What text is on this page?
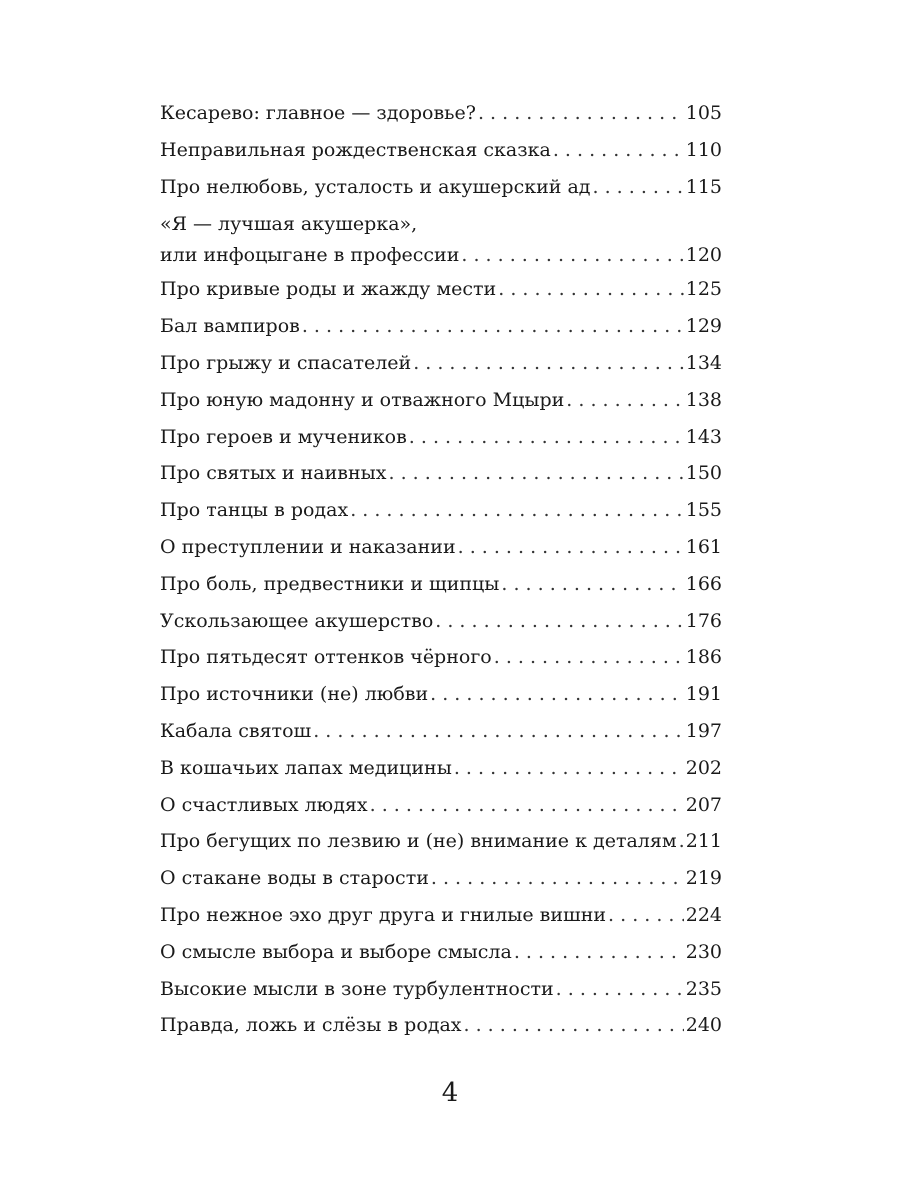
Кесарево: главное — здоровье? . . .	105
Неправильная рождественская сказка . . .	110
Про нелюбовь, усталость и акушерский ад . . .	115
«Я — лучшая акушерка»,
или инфоцыгане в профессии . . .	120
Про кривые роды и жажду мести . . .	125
Бал вампиров . . .	129
Про грыжу и спасателей . . .	134
Про юную мадонну и отважного Мцыри . . .	138
Про героев и мучеников . . .	143
Про святых и наивных . . .	150
Про танцы в родах . . .	155
О преступлении и наказании . . .	161
Про боль, предвестники и щипцы . . .	166
Ускользающее акушерство . . .	176
Про пятьдесят оттенков чёрного . . .	186
Про источники (не) любви . . .	191
Кабала святош . . .	197
В кошачьих лапах медицины . . .	202
О счастливых людях . . .	207
Про бегущих по лезвию и (не) внимание к деталям . . . 211
О стакане воды в старости . . .	219
Про нежное эхо друг друга и гнилые вишни . . .	224
О смысле выбора и выборе смысла . . .	230
Высокие мысли в зоне турбулентности . . .	235
Правда, ложь и слёзы в родах . . .	240
4
